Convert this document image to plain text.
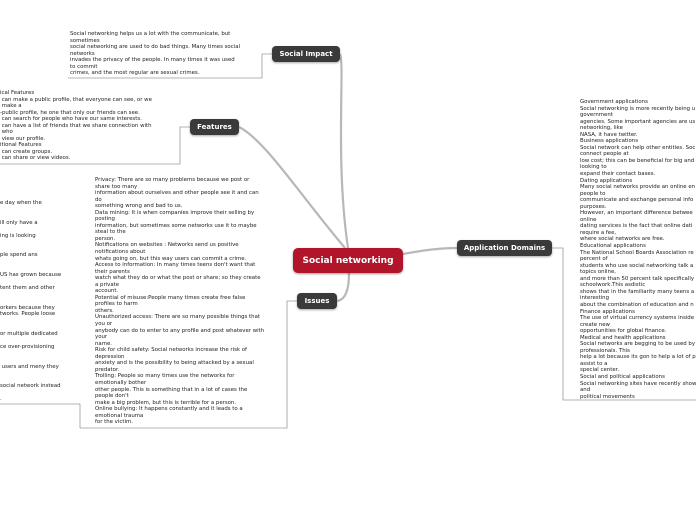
Social networking
Social Impact
Features
Issues
Application Domains
Social networking helps us a lot with the communicate, but
sometimes
social networking are used to do bad things. Many times social
networks
invades the privacy of the people. In many times it was used
to commit
crimes, and the most regular are sexual crimes.
ical Features
can make a public profile, that everyone can see, or we
make a
-public profile, he one that only our friends can see.
can search for people who have our same interests.
can have a list of friends that we share connection with
who
view our profile.
itional Features
can create groups.
can share or view videos.
Privacy: There are so many problems because we post or
share too many
information about ourselves and other people see it and can
do
something wrong and bad to us.
Data mining: It is when companies improve their selling by
posting
information, but sometimes some networks use it to maybe
steal to the
person.
Notifications on websites : Networks send us positive
notifications about
whats going on, but this way users can commit a crime.
Access to information: In many times teens don't want that
their parents
watch what they do or what the post or share; so they create
a private
account.
Potential of misuse:People many times create free false
profiles to harm
others.
Unauthorized access: There are so many possible things that
you or
anybody can do to enter to any profile and post whatever with
your
name.
Risk for child safety: Social networks increase the risk of
depression
anxiety and is the possibility to being attacked by a sexual
predator.
Trolling: People so many times use the networks for
emotionally bother
other people. This is something that in a lot of cases the
people don't
make a big problem, but this is terrible for a person.
Online bullying: It happens constantly and it leads to a
emotional trauma
for the victim.
e day when the

ill only have a

ing is looking

ple spend ans

US has grown because

tent them and other

orkers because they
tworks. People loose

or multiple dedicated

ce over-provisioning

users and meny they

social network instead

.
Government applications
Social networking is more recently being u
government
agencies. Some important agencies are us
networking, like
NASA, it have twitter.
Business applications
Social network can help other entities. Soc
connect people at
low cost; this can be beneficial for big and
looking to
expand their contact bases.
Dating applications
Many social networks provide an online en
people to
communicate and exchange personal info
purposes.
However, an important difference betwee
online
dating services is the fact that online dati
require a fee,
where social networks are free.
Educational applications
The National School Boards Association re
percent of
students who use social networking talk a
topics online,
and more than 50 percent talk specifically
schoolwork.This asdistic
shows that in the familiarity many teens a
interesting
about the combination of education and n
Finance applications
The use of virtual currency systems inside
create new
opportunities for global finance.
Medical and health applications
Social networks are begging to be used by
professionals. This
help a lot because its gon to help a lot of p
assist to a
special center.
Social and political applications
Social networking sites have recently show
and
political movements
